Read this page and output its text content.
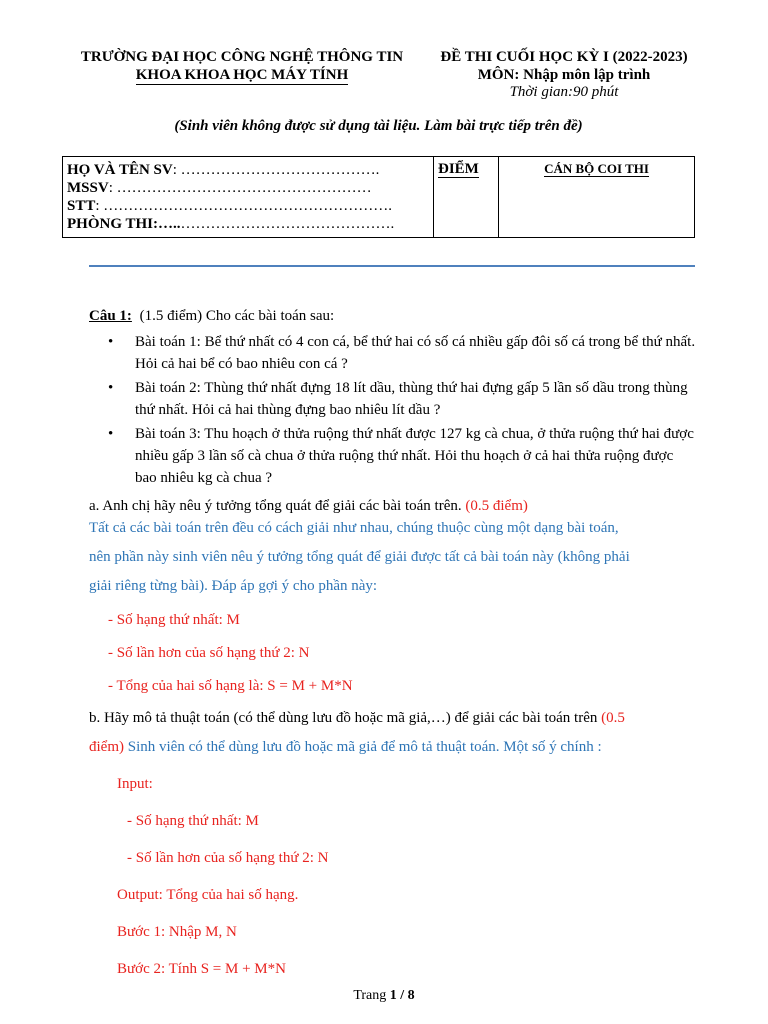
TRƯỜNG ĐẠI HỌC CÔNG NGHỆ THÔNG TIN
KHOA KHOA HỌC MÁY TÍNH
ĐỀ THI CUỐI HỌC KỲ I (2022-2023)
MÔN: Nhập môn lập trình
Thời gian:90 phút
(Sinh viên không được sử dụng tài liệu. Làm bài trực tiếp trên đề)
HỌ VÀ TÊN SV: ………………………………….
MSSV: ……………………………………………
STT: ………………………………………………….
PHÒNG THI:…..…………………………………….
	ĐIỂM	CÁN BỘ COI THI
Câu 1: (1.5 điểm) Cho các bài toán sau:
• Bài toán 1: Bể thứ nhất có 4 con cá, bể thứ hai có số cá nhiều gấp đôi số cá trong bể thứ nhất. Hỏi cả hai bể có bao nhiêu con cá ?
• Bài toán 2: Thùng thứ nhất đựng 18 lít dầu, thùng thứ hai đựng gấp 5 lần số dầu trong thùng thứ nhất. Hỏi cả hai thùng đựng bao nhiêu lít dầu ?
• Bài toán 3: Thu hoạch ở thửa ruộng thứ nhất được 127 kg cà chua, ở thửa ruộng thứ hai được nhiều gấp 3 lần số cà chua ở thửa ruộng thứ nhất. Hỏi thu hoạch ở cả hai thửa ruộng được bao nhiêu kg cà chua ?
a. Anh chị hãy nêu ý tưởng tổng quát để giải các bài toán trên. (0.5 điểm)
Tất cả các bài toán trên đều có cách giải như nhau, chúng thuộc cùng một dạng bài toán,
nên phần này sinh viên nêu ý tưởng tổng quát để giải được tất cả bài toán này (không phải
giải riêng từng bài). Đáp áp gợi ý cho phần này:
- Số hạng thứ nhất: M
- Số lần hơn của số hạng thứ 2: N
- Tổng của hai số hạng là: S = M + M*N
b. Hãy mô tả thuật toán (có thể dùng lưu đồ hoặc mã giả,…) để giải các bài toán trên (0.5
điểm) Sinh viên có thể dùng lưu đồ hoặc mã giả để mô tả thuật toán. Một số ý chính :
Input:
- Số hạng thứ nhất: M
- Số lần hơn của số hạng thứ 2: N
Output: Tổng của hai số hạng.
Bước 1: Nhập M, N
Bước 2: Tính S = M + M*N
Trang 1 / 8
